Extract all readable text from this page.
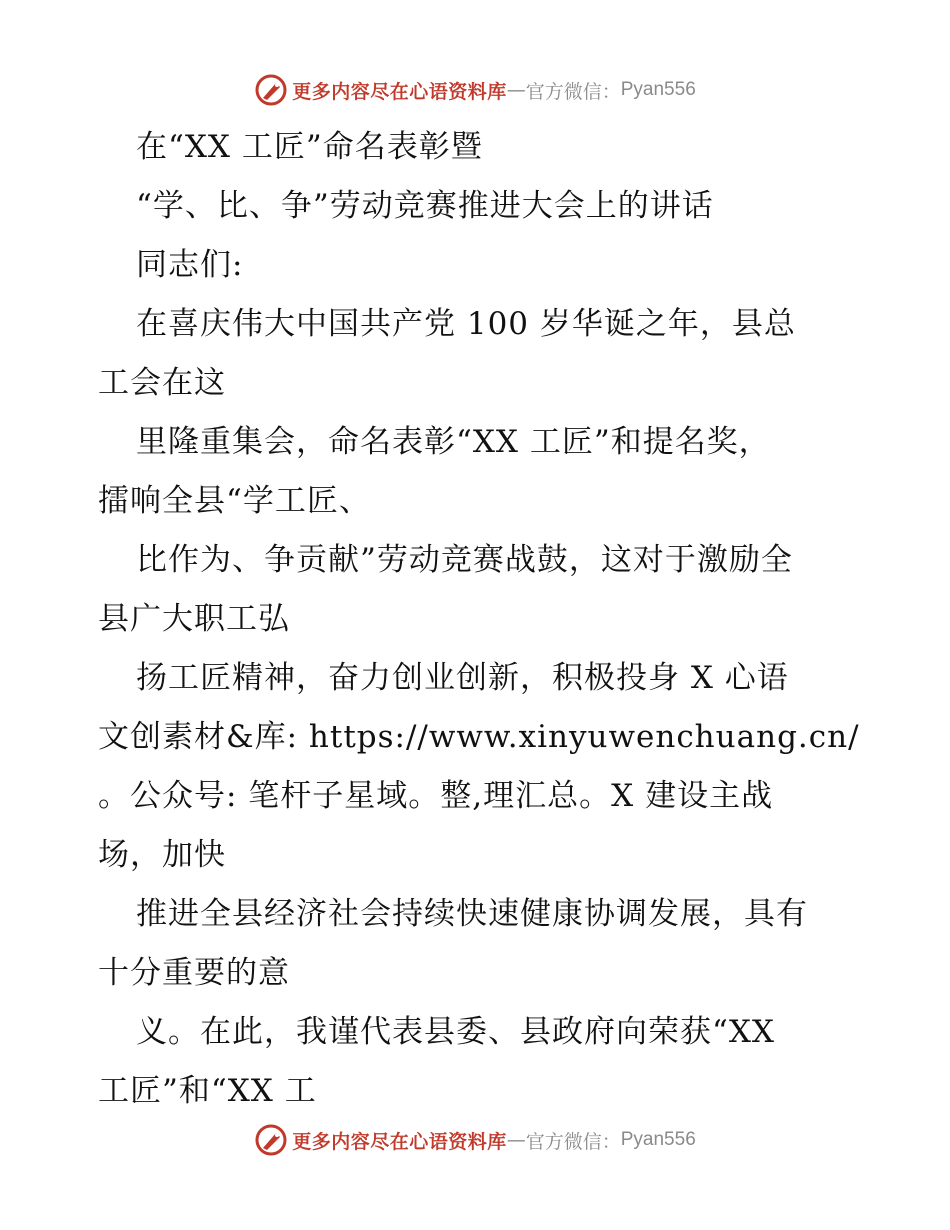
更多内容尽在心语资料库 — 官方微信： Pyan556
在“XX 工匠”命名表彰暨
“学、比、争”劳动竞赛推进大会上的讲话
同志们:
在喜庆伟大中国共产党 100 岁华诞之年，县总
工会在这
里隆重集会，命名表彰“XX 工匠”和提名奖，
擂响全县“学工匠、
比作为、争贡献”劳动竞赛战鼓，这对于激励全
县广大职工弘
扬工匠精神，奋力创业创新，积极投身 X 心语
文创素材&库: https://www.xinyuwenchuang.cn/
。公众号: 笔杆子星域。整,理汇总。X 建设主战
场，加快
推进全县经济社会持续快速健康协调发展，具有
十分重要的意
义。在此，我谨代表县委、县政府向荣获“XX
工匠”和“XX 工
更多内容尽在心语资料库 — 官方微信： Pyan556
